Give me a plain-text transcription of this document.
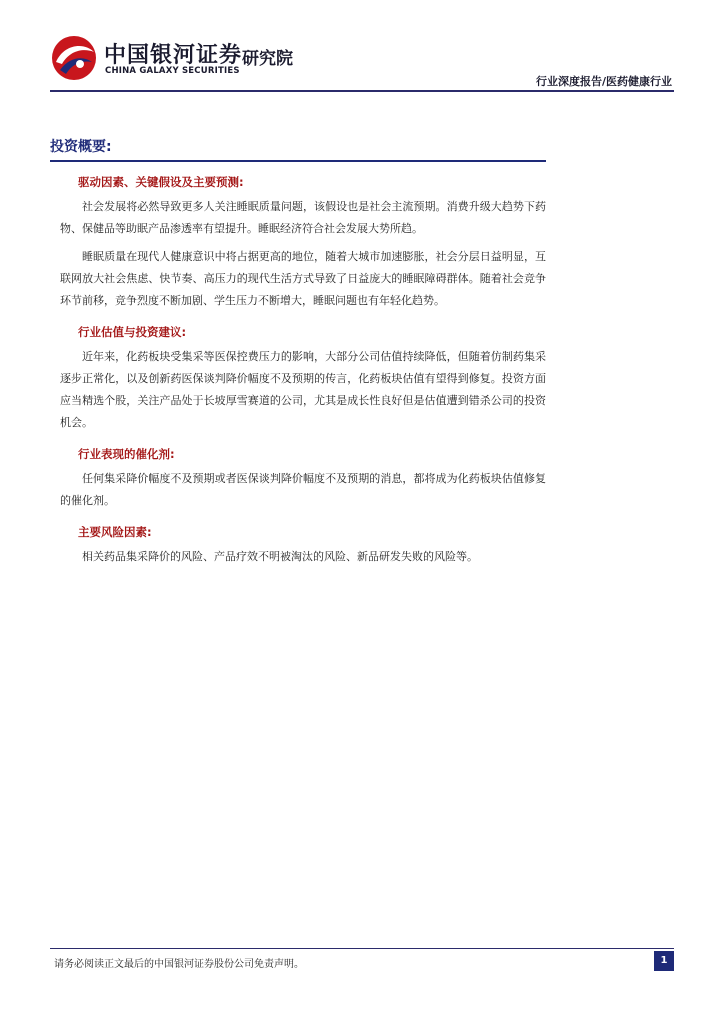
中国银河证券
CHINA GALAXY SECURITIES
研究院
行业深度报告/医药健康行业
投资概要:
驱动因素、关键假设及主要预测:

社会发展将必然导致更多人关注睡眠质量问题，该假设也是社会主流预期。消费升级大趋势下药物、保健品等助眠产品渗透率有望提升。睡眠经济符合社会发展大势所趋。

睡眠质量在现代人健康意识中将占据更高的地位，随着大城市加速膨胀，社会分层日益明显，互联网放大社会焦虑、快节奏、高压力的现代生活方式导致了日益庞大的睡眠障碍群体。随着社会竞争环节前移，竞争烈度不断加剧、学生压力不断增大，睡眠问题也有年轻化趋势。

行业估值与投资建议:

近年来，化药板块受集采等医保控费压力的影响，大部分公司估值持续降低，但随着仿制药集采逐步正常化，以及创新药医保谈判降价幅度不及预期的传言，化药板块估值有望得到修复。投资方面应当精选个股，关注产品处于长坡厚雪赛道的公司，尤其是成长性良好但是估值遭到错杀公司的投资机会。

行业表现的催化剂:

任何集采降价幅度不及预期或者医保谈判降价幅度不及预期的消息，都将成为化药板块估值修复的催化剂。

主要风险因素:

相关药品集采降价的风险、产品疗效不明被淘汰的风险、新品研发失败的风险等。

请务必阅读正文最后的中国银河证券股份公司免责声明。	1
